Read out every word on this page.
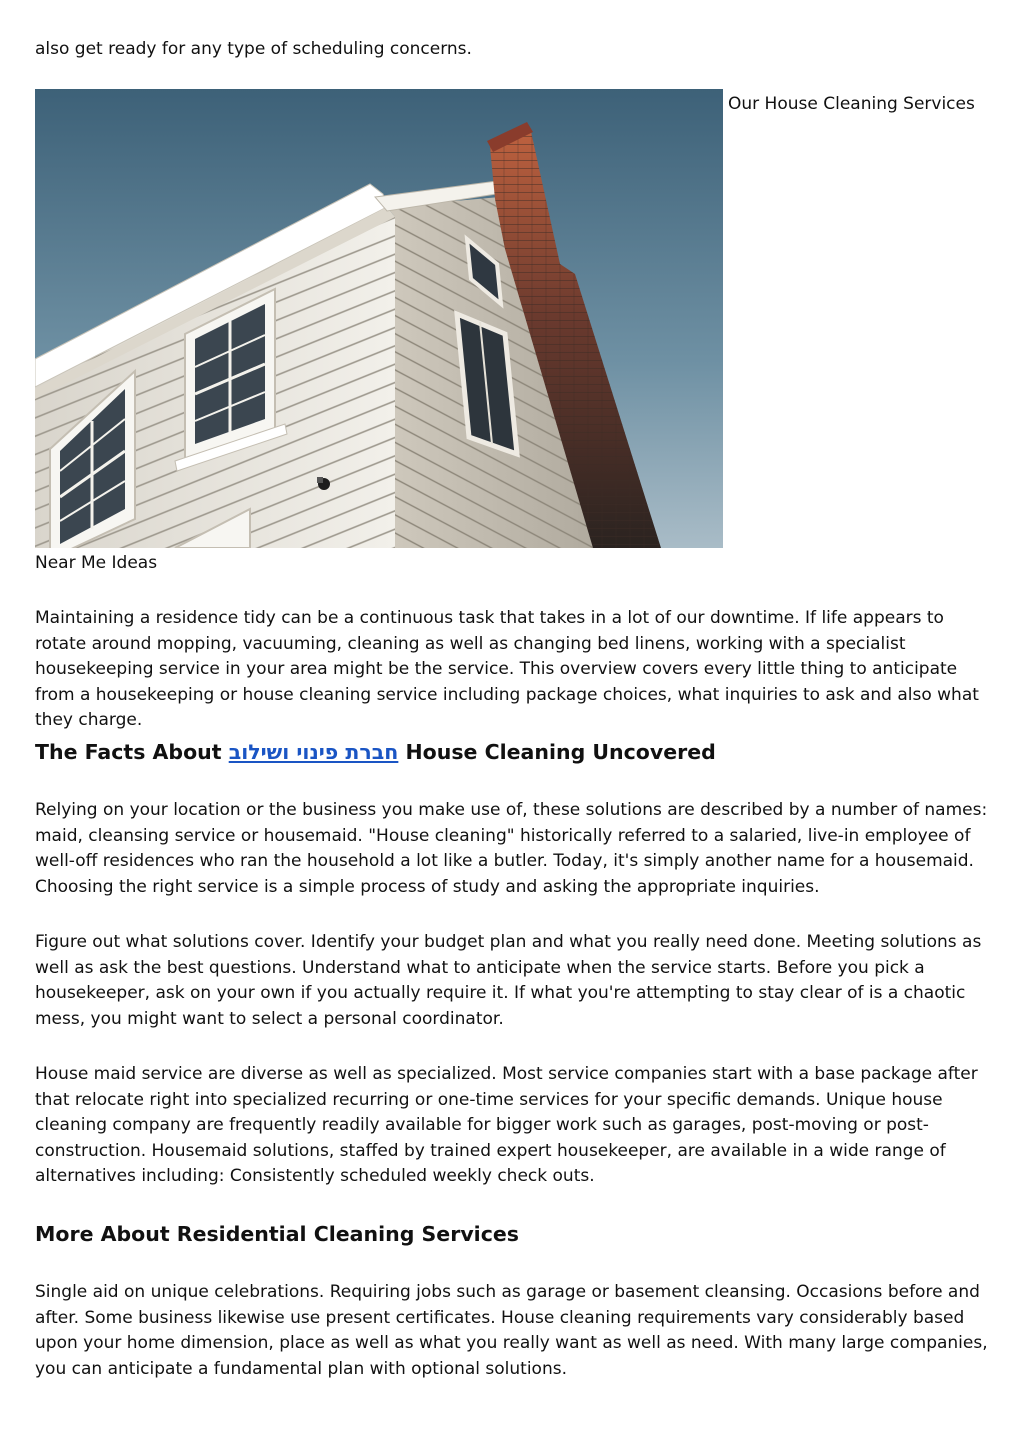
also get ready for any type of scheduling concerns.

Our House Cleaning Services

Near Me Ideas

Maintaining a residence tidy can be a continuous task that takes in a lot of our downtime. If life appears to rotate around mopping, vacuuming, cleaning as well as changing bed linens, working with a specialist housekeeping service in your area might be the service. This overview covers every little thing to anticipate from a housekeeping or house cleaning service including package choices, what inquiries to ask and also what they charge.

The Facts About חברת פינוי ושילוב House Cleaning Uncovered

Relying on your location or the business you make use of, these solutions are described by a number of names: maid, cleansing service or housemaid. "House cleaning" historically referred to a salaried, live-in employee of well-off residences who ran the household a lot like a butler. Today, it's simply another name for a housemaid. Choosing the right service is a simple process of study and asking the appropriate inquiries.

Figure out what solutions cover. Identify your budget plan and what you really need done. Meeting solutions as well as ask the best questions. Understand what to anticipate when the service starts. Before you pick a housekeeper, ask on your own if you actually require it. If what you're attempting to stay clear of is a chaotic mess, you might want to select a personal coordinator.

House maid service are diverse as well as specialized. Most service companies start with a base package after that relocate right into specialized recurring or one-time services for your specific demands. Unique house cleaning company are frequently readily available for bigger work such as garages, post-moving or post-construction. Housemaid solutions, staffed by trained expert housekeeper, are available in a wide range of alternatives including: Consistently scheduled weekly check outs.

More About Residential Cleaning Services

Single aid on unique celebrations. Requiring jobs such as garage or basement cleansing. Occasions before and after. Some business likewise use present certificates. House cleaning requirements vary considerably based upon your home dimension, place as well as what you really want as well as need. With many large companies, you can anticipate a fundamental plan with optional solutions.
